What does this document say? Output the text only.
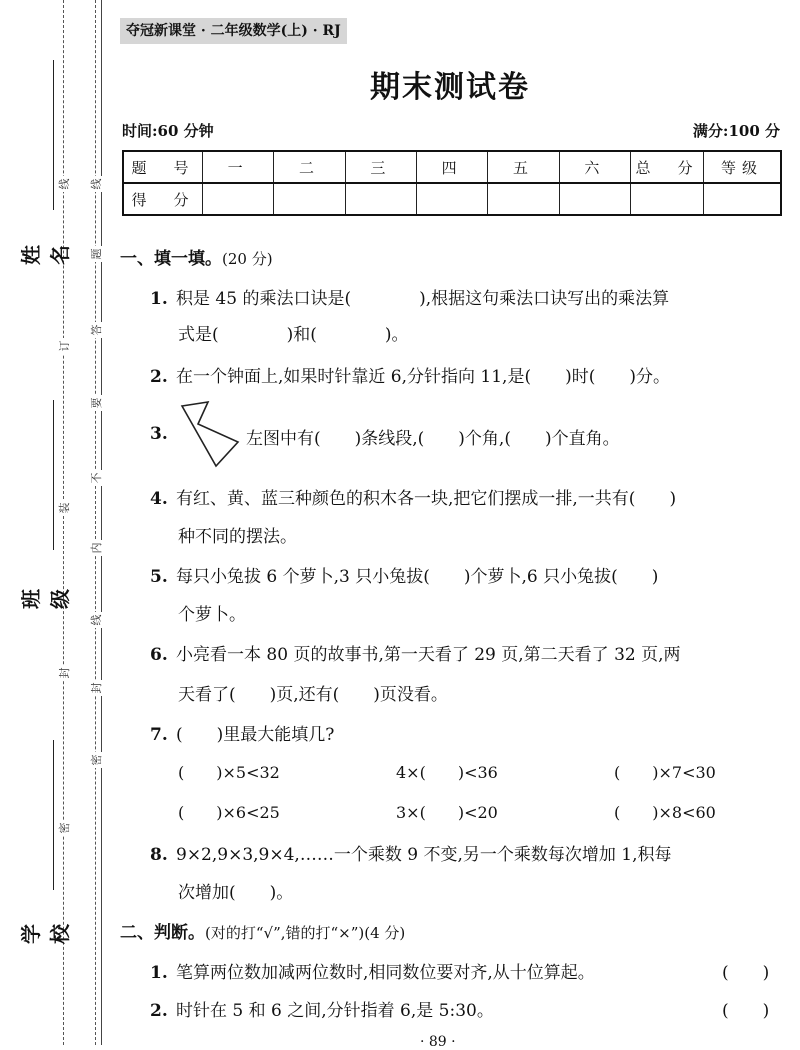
姓名
班级
学校
线
密
封
线
题
答
要
不
内
线
封
密
订
装
夺冠新课堂 · 二年级数学(上) · RJ
期末测试卷
时间:60 分钟	满分:100 分
题　号	一	二	三	四	五	六	总　分	等级
得　分								
一、填一填。(20 分)
1. 积是 45 的乘法口诀是(　　　　),根据这句乘法口诀写出的乘法算
式是(　　　　)和(　　　　)。
2. 在一个钟面上,如果时针靠近 6,分针指向 11,是(　　)时(　　)分。
3.	左图中有(　　)条线段,(　　)个角,(　　)个直角。
4. 有红、黄、蓝三种颜色的积木各一块,把它们摆成一排,一共有(　　)
种不同的摆法。
5. 每只小兔拔 6 个萝卜,3 只小兔拔(　　)个萝卜,6 只小兔拔(　　)
个萝卜。
6. 小亮看一本 80 页的故事书,第一天看了 29 页,第二天看了 32 页,两
天看了(　　)页,还有(　　)页没看。
7. (　　)里最大能填几?
(　　)×5<32	4×(　　)<36	(　　)×7<30
(　　)×6<25	3×(　　)<20	(　　)×8<60
8. 9×2,9×3,9×4,……一个乘数 9 不变,另一个乘数每次增加 1,积每
次增加(　　)。
二、判断。(对的打“√”,错的打“×”)(4 分)
1. 笔算两位数加减两位数时,相同数位要对齐,从十位算起。	(　　)
2. 时针在 5 和 6 之间,分针指着 6,是 5:30。	(　　)
· 89 ·
